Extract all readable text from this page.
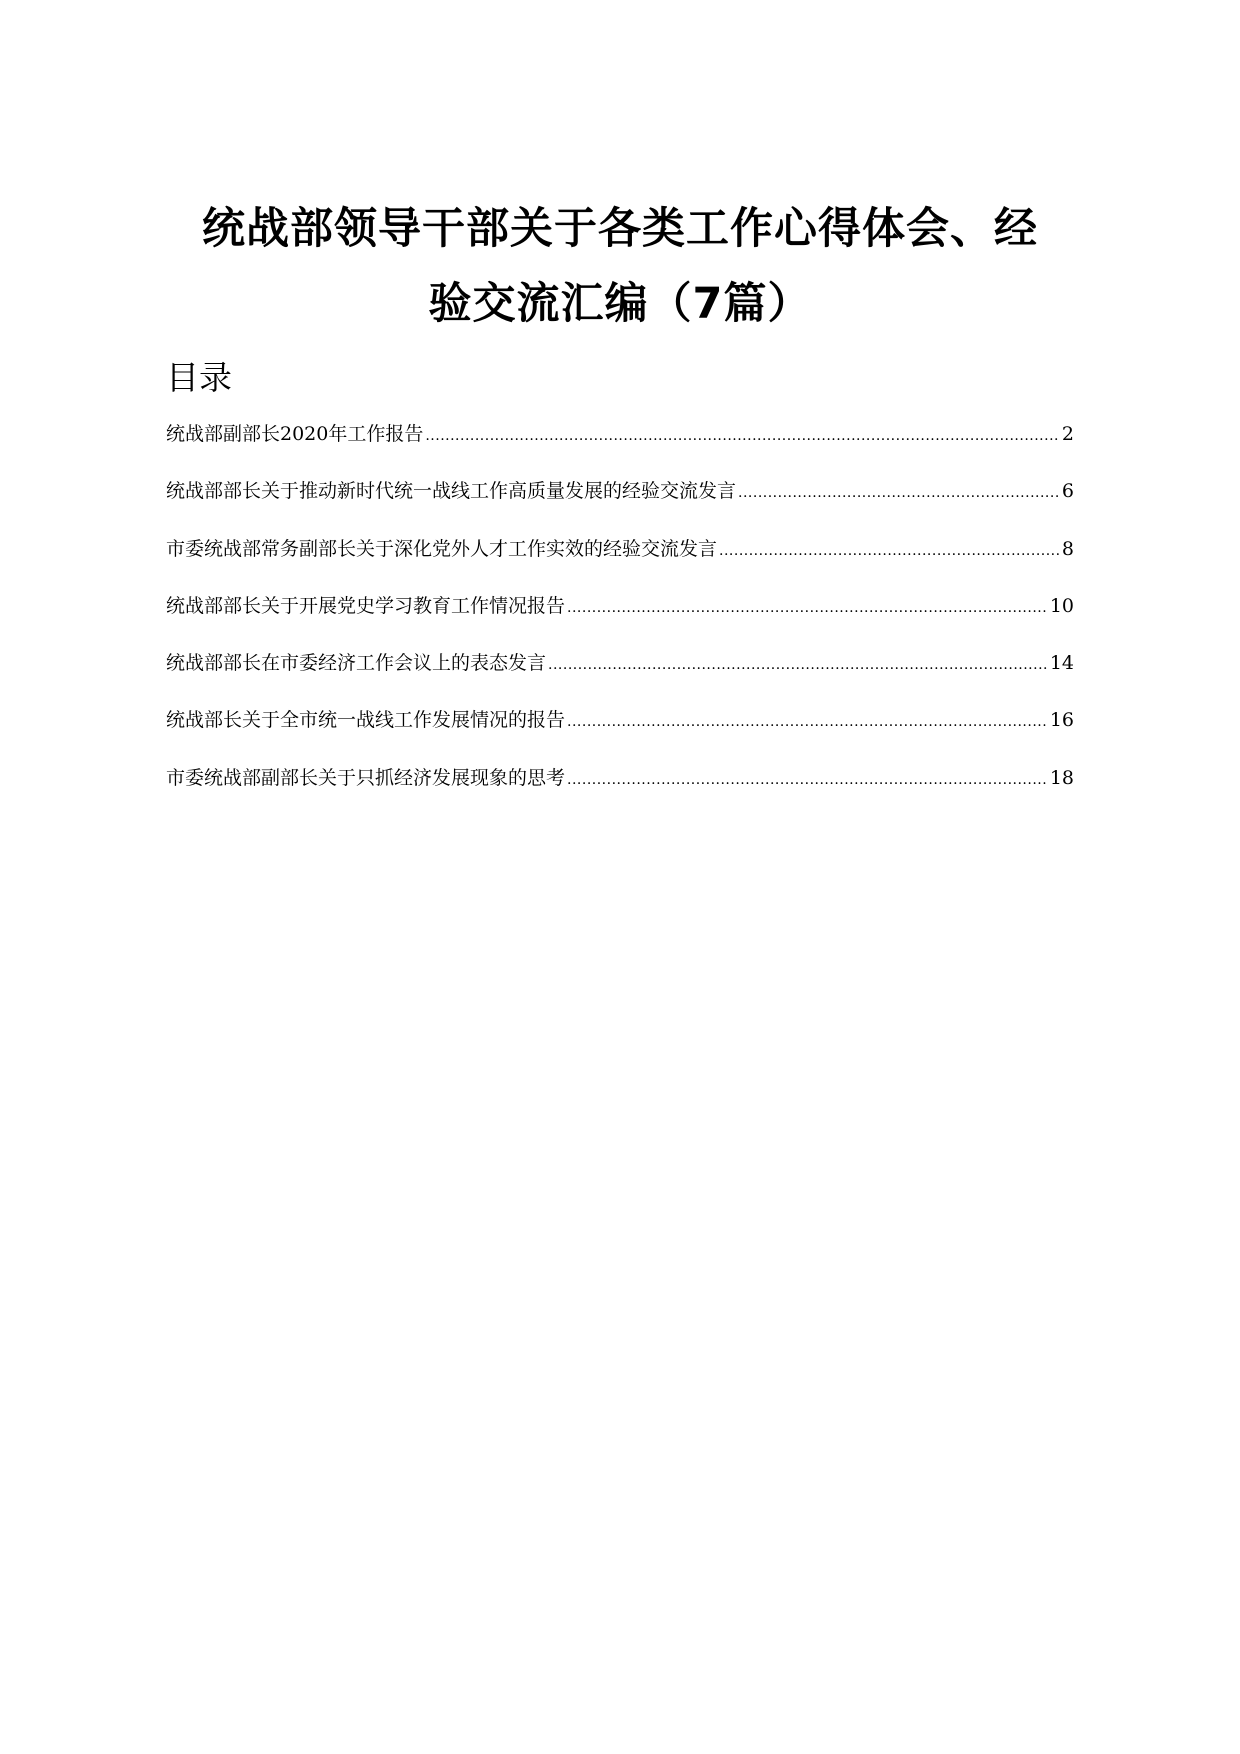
统战部领导干部关于各类工作心得体会、经
验交流汇编（7篇）
目录
统战部副部长2020年工作报告 .....	2
统战部部长关于推动新时代统一战线工作高质量发展的经验交流发言 .....	6
市委统战部常务副部长关于深化党外人才工作实效的经验交流发言 .....	8
统战部部长关于开展党史学习教育工作情况报告 .....	10
统战部部长在市委经济工作会议上的表态发言 .....	14
统战部长关于全市统一战线工作发展情况的报告 .....	16
市委统战部副部长关于只抓经济发展现象的思考 .....	18
